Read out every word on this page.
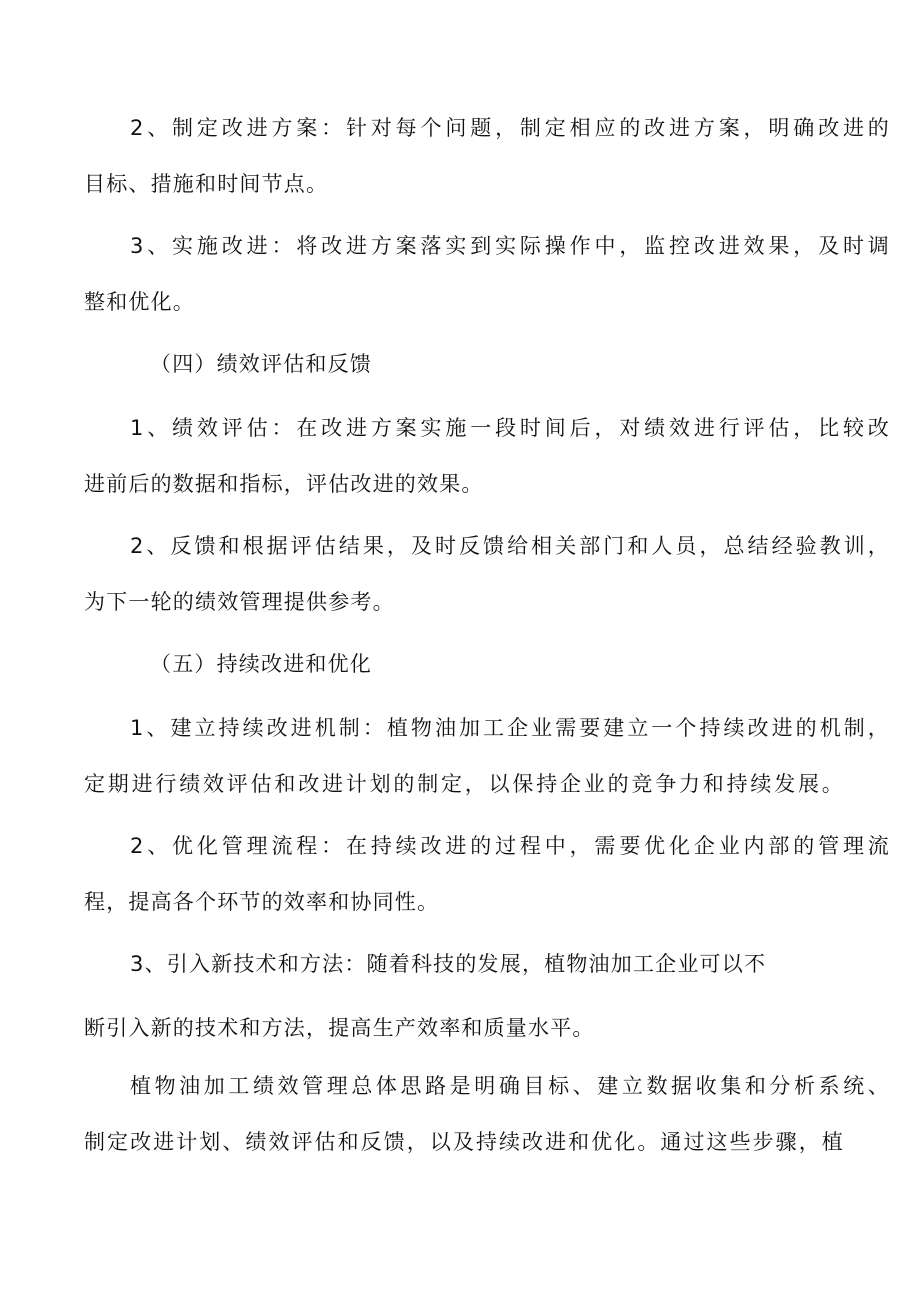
2、制定改进方案：针对每个问题，制定相应的改进方案，明确改进的
目标、措施和时间节点。
3、实施改进：将改进方案落实到实际操作中，监控改进效果，及时调
整和优化。
（四）绩效评估和反馈
1、绩效评估：在改进方案实施一段时间后，对绩效进行评估，比较改
进前后的数据和指标，评估改进的效果。
2、反馈和根据评估结果，及时反馈给相关部门和人员，总结经验教训，
为下一轮的绩效管理提供参考。
（五）持续改进和优化
1、建立持续改进机制：植物油加工企业需要建立一个持续改进的机制，
定期进行绩效评估和改进计划的制定，以保持企业的竞争力和持续发展。
2、优化管理流程：在持续改进的过程中，需要优化企业内部的管理流
程，提高各个环节的效率和协同性。
3、引入新技术和方法：随着科技的发展，植物油加工企业可以不
断引入新的技术和方法，提高生产效率和质量水平。
植物油加工绩效管理总体思路是明确目标、建立数据收集和分析系统、
制定改进计划、绩效评估和反馈，以及持续改进和优化。通过这些步骤，植
